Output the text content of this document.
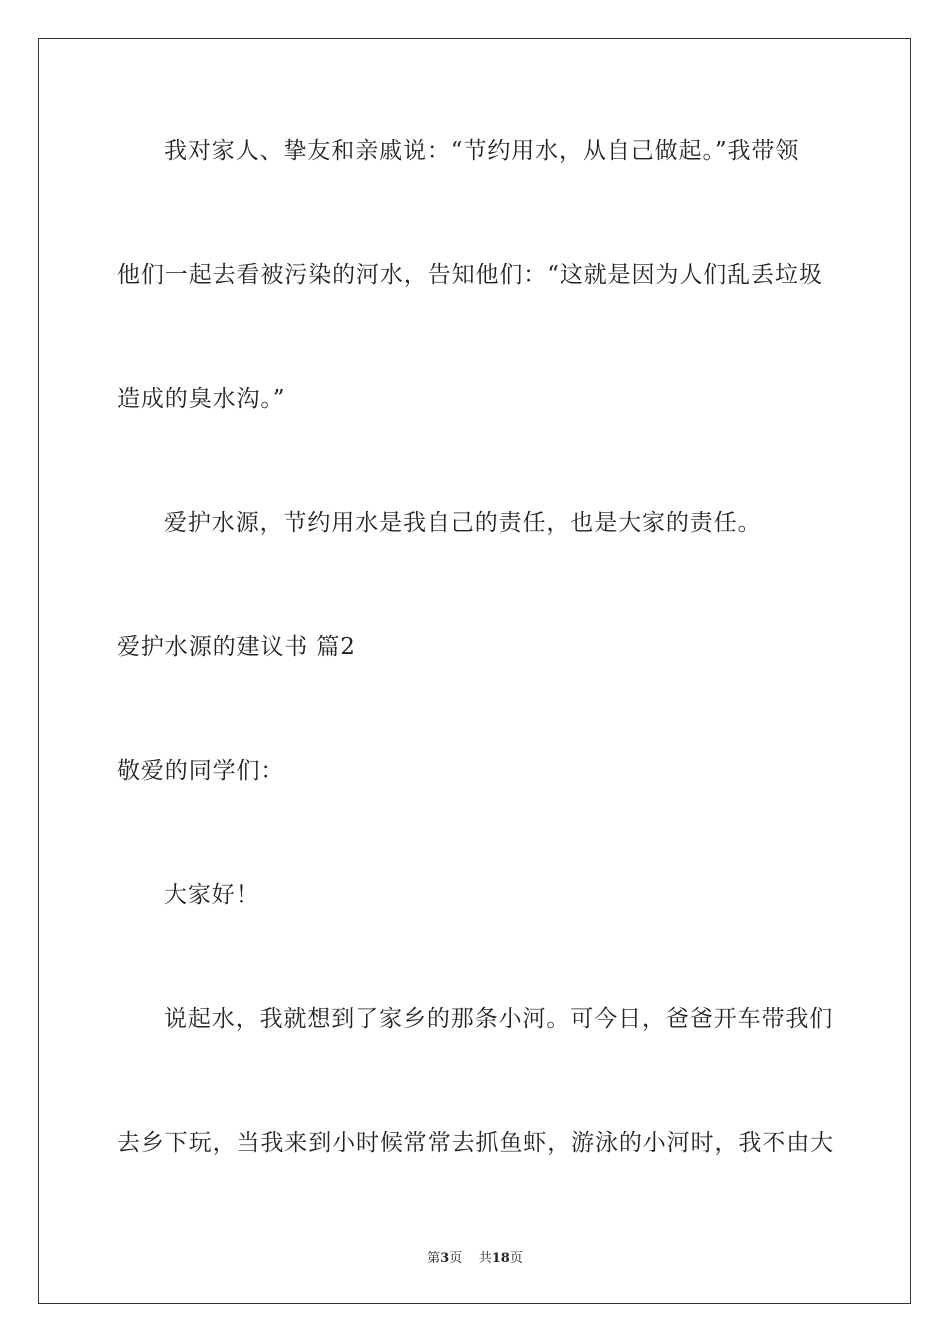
我对家人、挚友和亲戚说：“节约用水，从自己做起。”我带领
他们一起去看被污染的河水，告知他们：“这就是因为人们乱丢垃圾
造成的臭水沟。”
爱护水源，节约用水是我自己的责任，也是大家的责任。
爱护水源的建议书 篇2
敬爱的同学们：
大家好！
说起水，我就想到了家乡的那条小河。可今日，爸爸开车带我们
去乡下玩，当我来到小时候常常去抓鱼虾，游泳的小河时，我不由大
第3页 共18页
